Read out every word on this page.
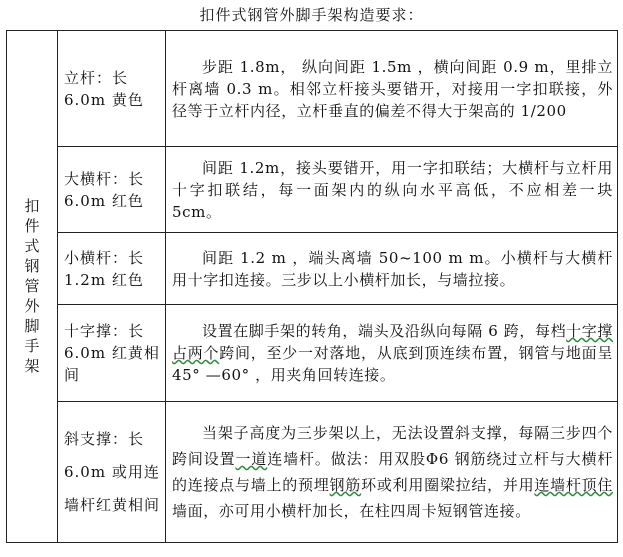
扣件式钢管外脚手架构造要求：
扣件式钢管外脚手架	立杆：长6.0m 黄色	步距 1.8m， 纵向间距 1.5m ，横向间距 0.9 m，里排立杆离墙 0.3 m。相邻立杆接头要错开，对接用一字扣联接，外径等于立杆内径，立杆垂直的偏差不得大于架高的 1/200
	大横杆：长6.0m 红色	间距 1.2m，接头要错开，用一字扣联结；大横杆与立杆用十字扣联结，每一面架内的纵向水平高低，不应相差一块 5cm。
	小横杆：长1.2m 红色	间距 1.2 m ，端头离墙 50~100 m m。小横杆与大横杆用十字扣连接。三步以上小横杆加长，与墙拉接。
	十字撑：长6.0m 红黄相间	设置在脚手架的转角，端头及沿纵向每隔 6 跨，每档十字撑占两个跨间，至少一对落地，从底到顶连续布置，钢管与地面呈 45° —60° ，用夹角回转连接。
	斜支撑：长 6.0m 或用连墙杆红黄相间	当架子高度为三步架以上，无法设置斜支撑，每隔三步四个跨间设置一道连墙杆。做法：用双股Φ6 钢筋绕过立杆与大横杆的连接点与墙上的预埋钢筋环或利用圈梁拉结，并用连墙杆顶住墙面，亦可用小横杆加长，在柱四周卡短钢管连接。
